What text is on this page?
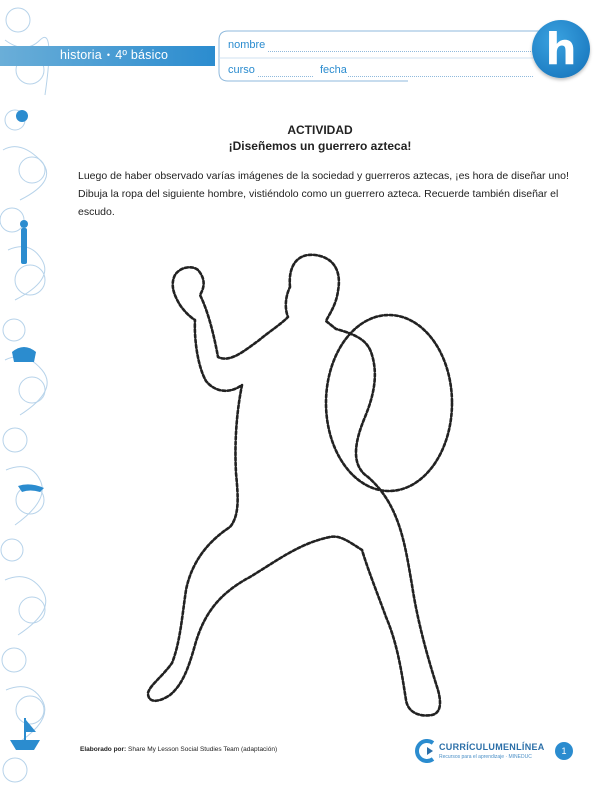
historia • 4º básico
nombre
curso	fecha	h
ACTIVIDAD
¡Diseñemos un guerrero azteca!
Luego de haber observado varías imágenes de la sociedad y guerreros aztecas, ¡es hora de diseñar uno! Dibuja la ropa del siguiente hombre, vistiéndolo como un guerrero azteca. Recuerde también diseñar el escudo.
Elaborado por: Share My Lesson Social Studies Team (adaptación)	CURRÍCULUMENLÍNEA
Recursos para el aprendizaje · MINEDUC
1
